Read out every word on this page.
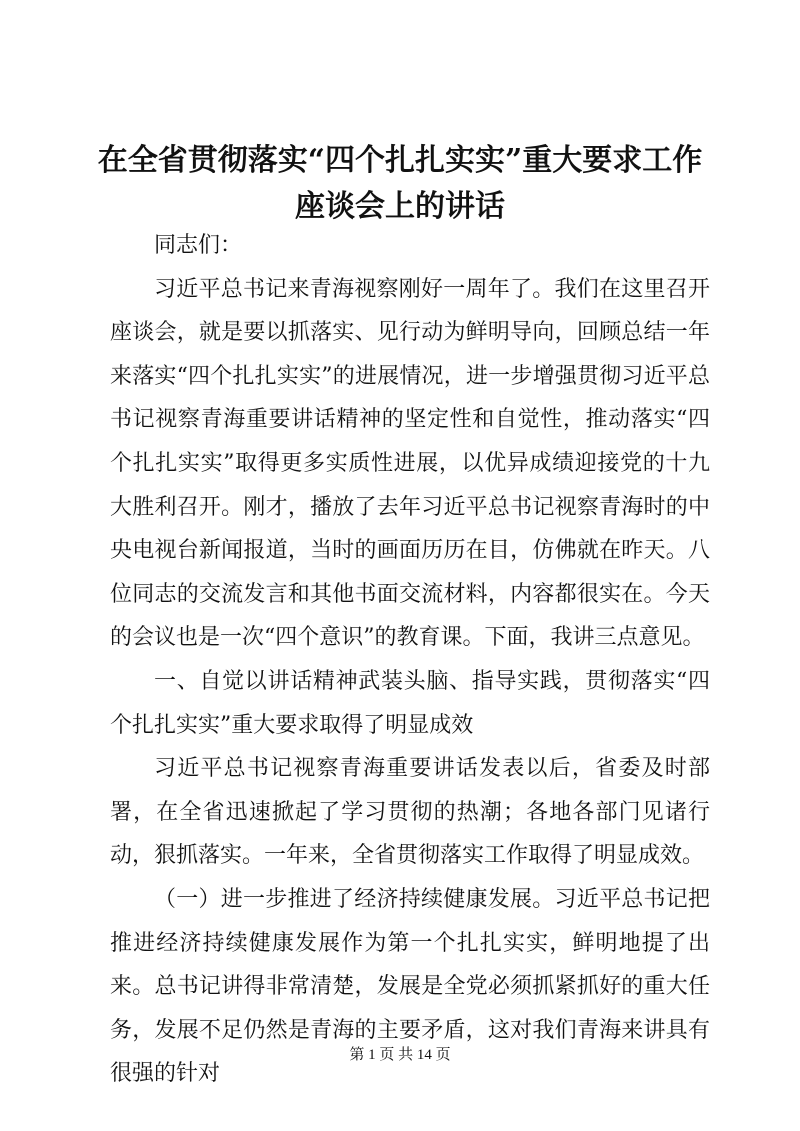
在全省贯彻落实“四个扎扎实实”重大要求工作座谈会上的讲话

同志们：

习近平总书记来青海视察刚好一周年了。我们在这里召开座谈会，就是要以抓落实、见行动为鲜明导向，回顾总结一年来落实“四个扎扎实实”的进展情况，进一步增强贯彻习近平总书记视察青海重要讲话精神的坚定性和自觉性，推动落实“四个扎扎实实”取得更多实质性进展，以优异成绩迎接党的十九大胜利召开。刚才，播放了去年习近平总书记视察青海时的中央电视台新闻报道，当时的画面历历在目，仿佛就在昨天。八位同志的交流发言和其他书面交流材料，内容都很实在。今天的会议也是一次“四个意识”的教育课。下面，我讲三点意见。

一、自觉以讲话精神武装头脑、指导实践，贯彻落实“四个扎扎实实”重大要求取得了明显成效

习近平总书记视察青海重要讲话发表以后，省委及时部署，在全省迅速掀起了学习贯彻的热潮；各地各部门见诸行动，狠抓落实。一年来，全省贯彻落实工作取得了明显成效。

（一）进一步推进了经济持续健康发展。习近平总书记把推进经济持续健康发展作为第一个扎扎实实，鲜明地提了出来。总书记讲得非常清楚，发展是全党必须抓紧抓好的重大任务，发展不足仍然是青海的主要矛盾，这对我们青海来讲具有很强的针对

第 1 页 共 14 页
